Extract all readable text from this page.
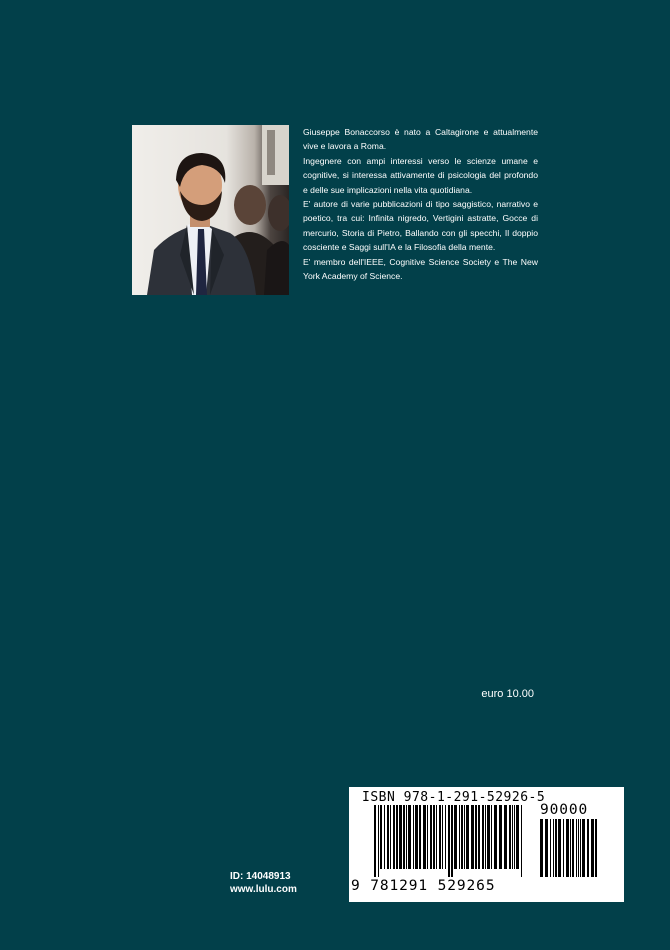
Giuseppe Bonaccorso è nato a Caltagirone e attualmente vive e lavora a Roma.

Ingegnere con ampi interessi verso le scienze umane e cognitive, si interessa attivamente di psicologia del profondo e delle sue implicazioni nella vita quotidiana.

E' autore di varie pubblicazioni di tipo saggistico, narrativo e poetico, tra cui: Infinita nigredo, Vertigini astratte, Gocce di mercurio, Storia di Pietro, Ballando con gli specchi, Il doppio cosciente e Saggi sull'IA e la Filosofia della mente.

E' membro dell'IEEE, Cognitive Science Society e The New York Academy of Science.

euro 10.00
ID: 14048913
www.lulu.com
ISBN 978-1-291-52926-5
90000
9 781291 529265
